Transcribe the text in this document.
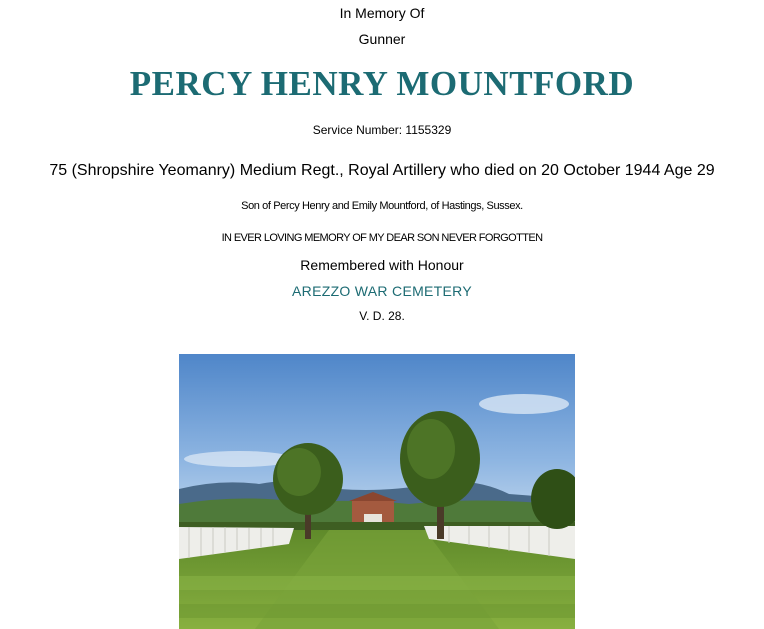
In Memory Of
Gunner
PERCY HENRY MOUNTFORD
Service Number: 1155329
75 (Shropshire Yeomanry) Medium Regt., Royal Artillery who died on 20 October 1944 Age 29
Son of Percy Henry and Emily Mountford, of Hastings, Sussex.
IN EVER LOVING MEMORY OF MY DEAR SON NEVER FORGOTTEN
Remembered with Honour
AREZZO WAR CEMETERY
V. D. 28.
